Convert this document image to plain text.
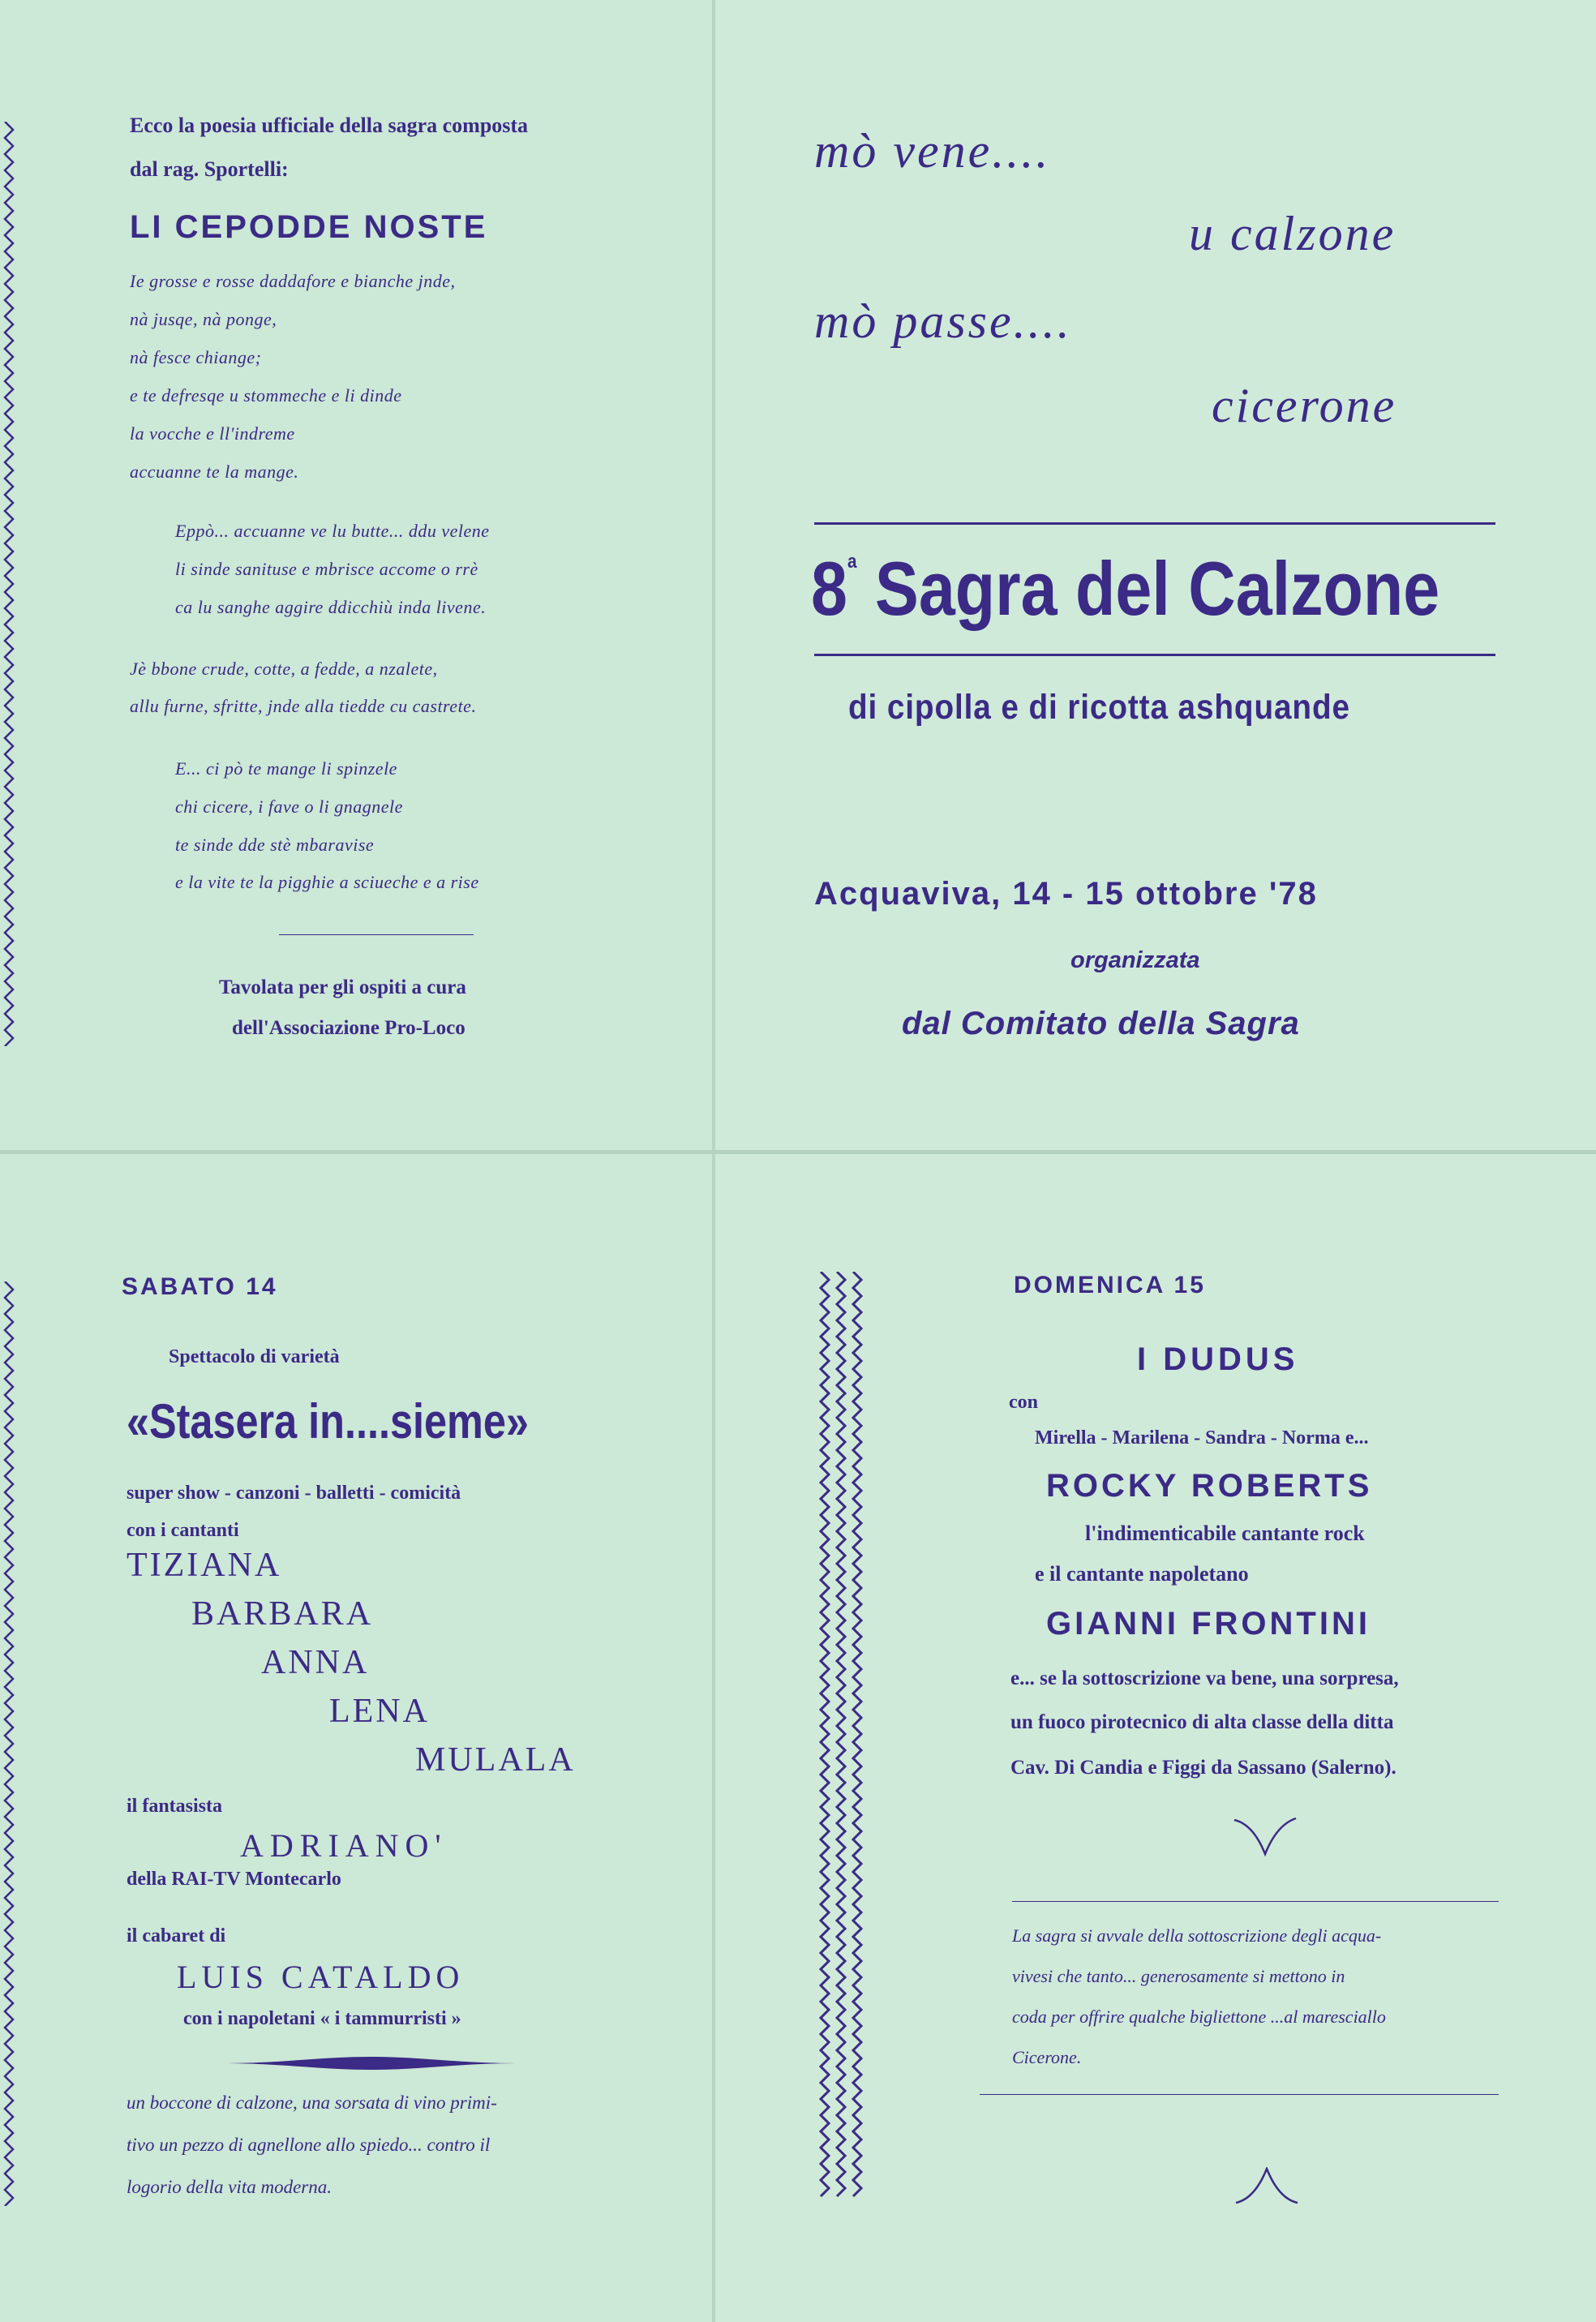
Ecco la poesia ufficiale della sagra composta
dal rag. Sportelli:
LI CEPODDE NOSTE
Ie grosse e rosse daddafore e bianche jnde,
nà jusqe, nà ponge,
nà fesce chiange;
e te defresqe u stommeche e li dinde
la vocche e ll'indreme
accuanne te la mange.
Eppò... accuanne ve lu butte... ddu velene
li sinde sanituse e mbrisce accome o rrè
ca lu sanghe aggire ddicchiù inda livene.
Jè bbone crude, cotte, a fedde, a nzalete,
allu furne, sfritte, jnde alla tiedde cu castrete.
E... ci pò te mange li spinzele
chi cicere, i fave o li gnagnele
te sinde dde stè mbaravise
e la vite te la pigghie a sciueche e a rise
Tavolata per gli ospiti a cura
dell'Associazione Pro-Loco
mò vene....
u calzone
mò passe....
cicerone
8$^a$ Sagra del Calzone
di cipolla e di ricotta ashquande
Acquaviva, 14 - 15 ottobre '78
organizzata
dal Comitato della Sagra
SABATO 14
Spettacolo di varietà
«Stasera in....sieme»
super show - canzoni - balletti - comicità
con i cantanti
TIZIANA
BARBARA
ANNA
LENA
MULALA
il fantasista
ADRIANO'
della RAI-TV Montecarlo
il cabaret di
LUIS CATALDO
con i napoletani « i tammurristi »
un boccone di calzone, una sorsata di vino primi-
tivo un pezzo di agnellone allo spiedo... contro il
logorio della vita moderna.
DOMENICA 15
I DUDUS
con
Mirella - Marilena - Sandra - Norma e...
ROCKY ROBERTS
l'indimenticabile cantante rock
e il cantante napoletano
GIANNI FRONTINI
e... se la sottoscrizione va bene, una sorpresa,
un fuoco pirotecnico di alta classe della ditta
Cav. Di Candia e Figgi da Sassano (Salerno).
La sagra si avvale della sottoscrizione degli acqua-
vivesi che tanto... generosamente si mettono in
coda per offrire qualche bigliettone ...al maresciallo
Cicerone.
